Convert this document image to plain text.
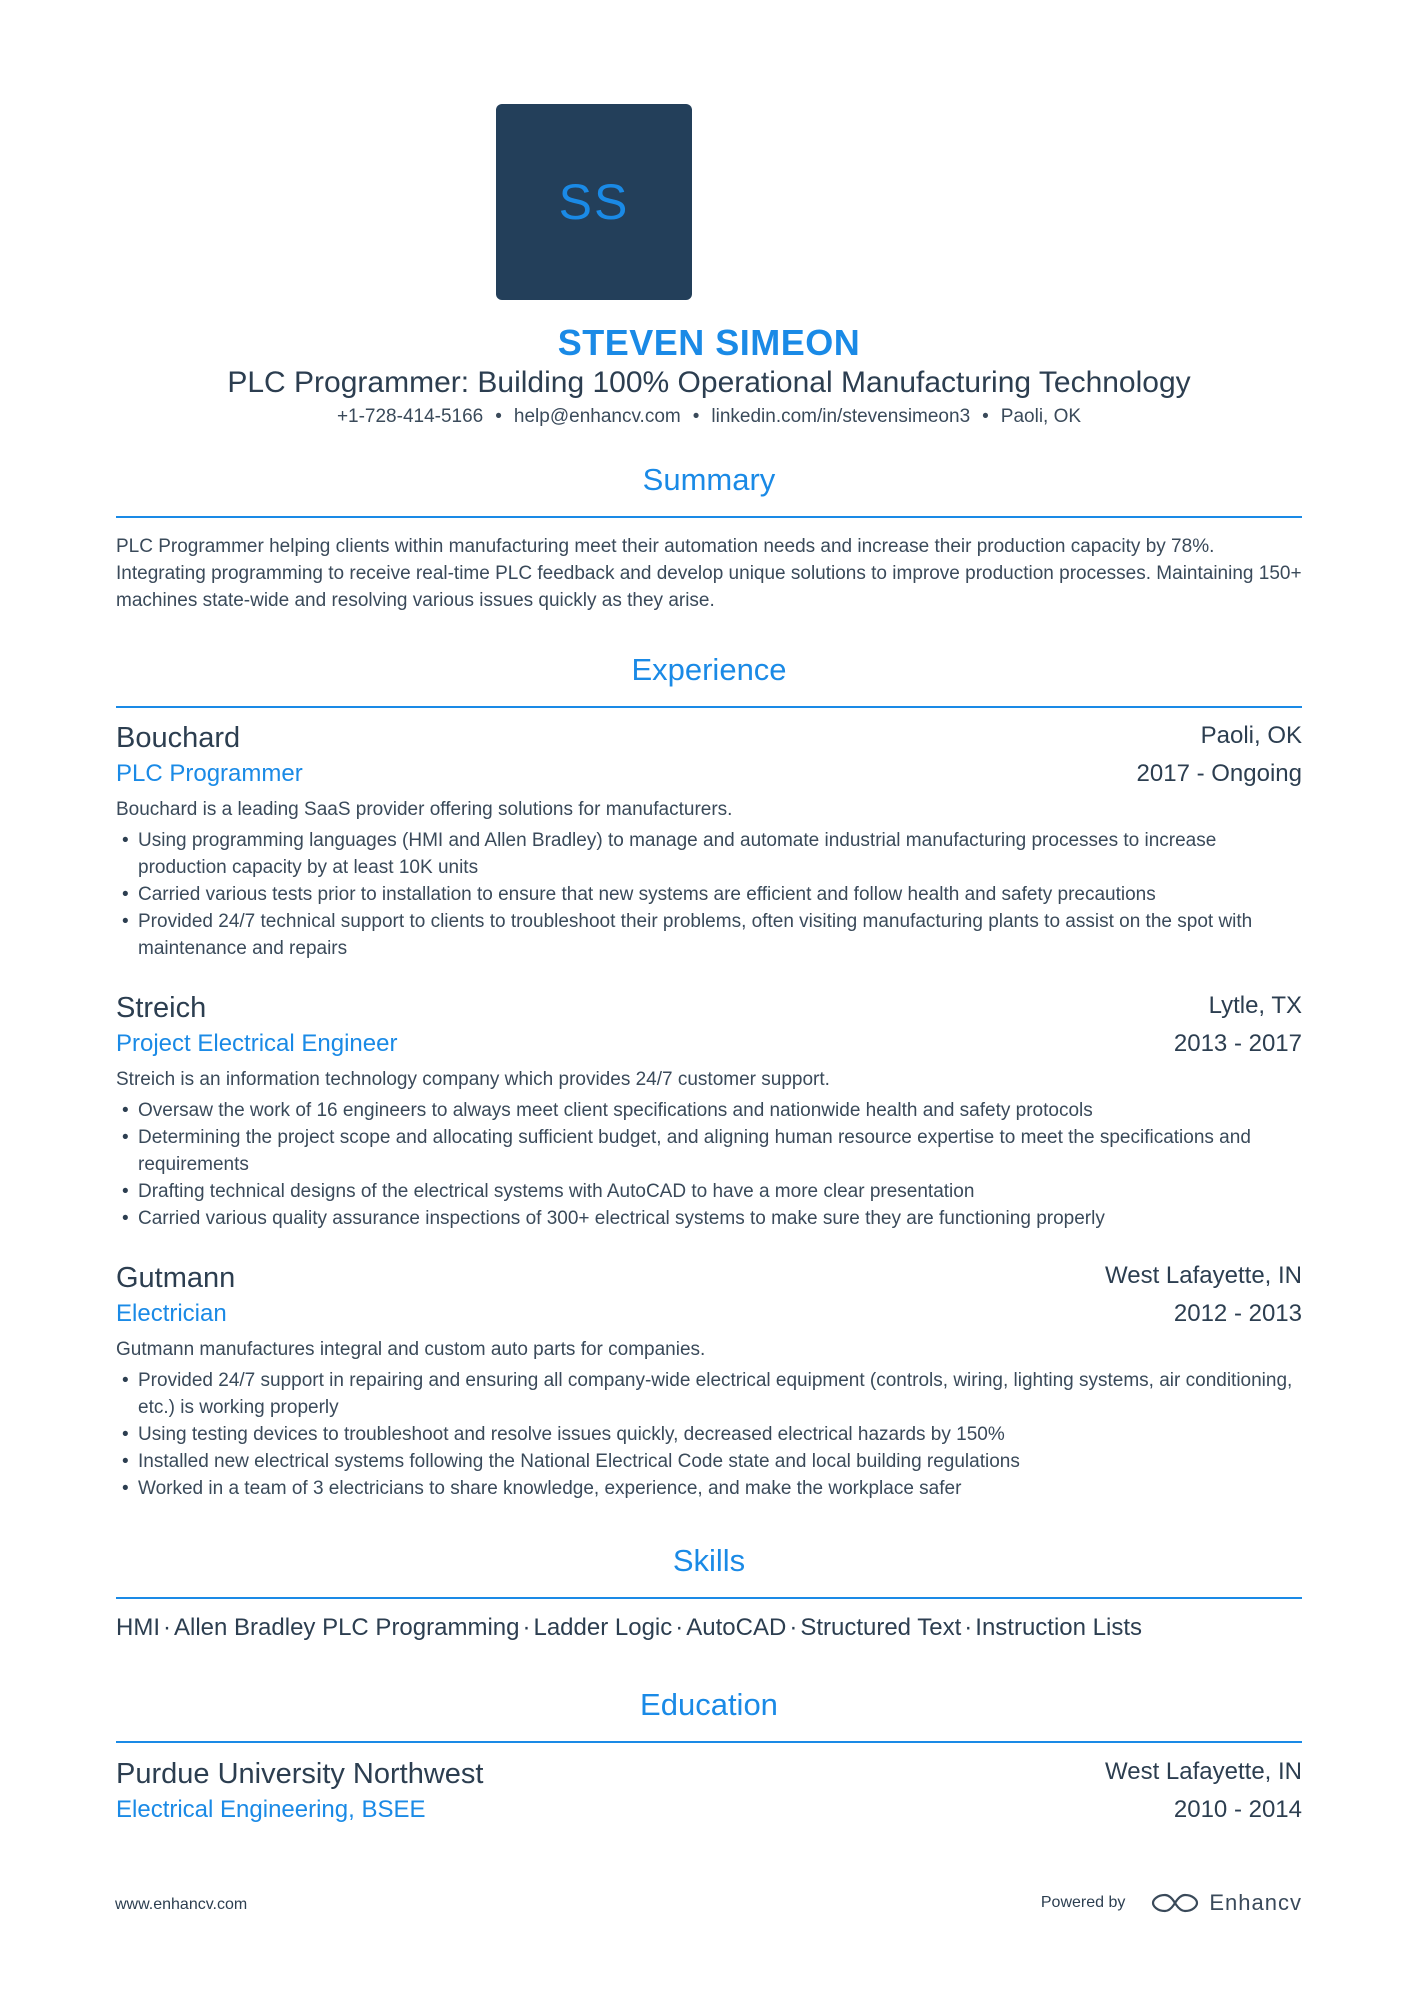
SS
STEVEN SIMEON
PLC Programmer: Building 100% Operational Manufacturing Technology
+1-728-414-5166 • help@enhancv.com • linkedin.com/in/stevensimeon3 • Paoli, OK
Summary
PLC Programmer helping clients within manufacturing meet their automation needs and increase their production capacity by 78%. Integrating programming to receive real-time PLC feedback and develop unique solutions to improve production processes. Maintaining 150+ machines state-wide and resolving various issues quickly as they arise.
Experience
Bouchard	Paoli, OK
PLC Programmer	2017 - Ongoing
Bouchard is a leading SaaS provider offering solutions for manufacturers.
• Using programming languages (HMI and Allen Bradley) to manage and automate industrial manufacturing processes to increase production capacity by at least 10K units
• Carried various tests prior to installation to ensure that new systems are efficient and follow health and safety precautions
• Provided 24/7 technical support to clients to troubleshoot their problems, often visiting manufacturing plants to assist on the spot with maintenance and repairs
Streich	Lytle, TX
Project Electrical Engineer	2013 - 2017
Streich is an information technology company which provides 24/7 customer support.
• Oversaw the work of 16 engineers to always meet client specifications and nationwide health and safety protocols
• Determining the project scope and allocating sufficient budget, and aligning human resource expertise to meet the specifications and requirements
• Drafting technical designs of the electrical systems with AutoCAD to have a more clear presentation
• Carried various quality assurance inspections of 300+ electrical systems to make sure they are functioning properly
Gutmann	West Lafayette, IN
Electrician	2012 - 2013
Gutmann manufactures integral and custom auto parts for companies.
• Provided 24/7 support in repairing and ensuring all company-wide electrical equipment (controls, wiring, lighting systems, air conditioning, etc.) is working properly
• Using testing devices to troubleshoot and resolve issues quickly, decreased electrical hazards by 150%
• Installed new electrical systems following the National Electrical Code state and local building regulations
• Worked in a team of 3 electricians to share knowledge, experience, and make the workplace safer
Skills
HMI · Allen Bradley PLC Programming · Ladder Logic · AutoCAD · Structured Text · Instruction Lists
Education
Purdue University Northwest	West Lafayette, IN
Electrical Engineering, BSEE	2010 - 2014
www.enhancv.com	Powered by	Enhancv
